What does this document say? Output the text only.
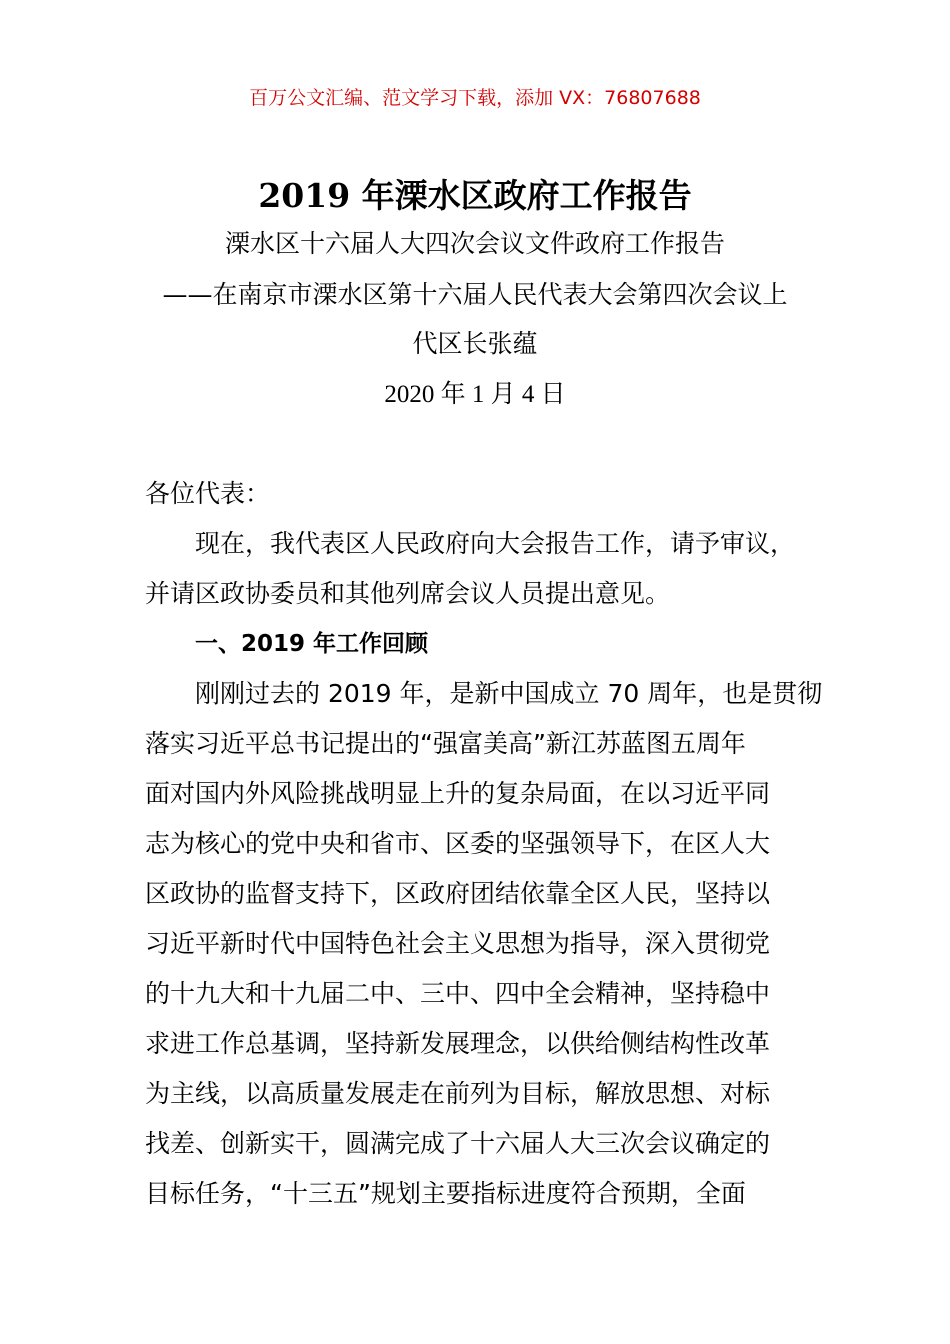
百万公文汇编、范文学习下载，添加 VX：76807688
2019 年溧水区政府工作报告
溧水区十六届人大四次会议文件政府工作报告
——在南京市溧水区第十六届人民代表大会第四次会议上
代区长张蕴
2020 年 1 月 4 日
各位代表：
现在，我代表区人民政府向大会报告工作，请予审议，
并请区政协委员和其他列席会议人员提出意见。
一、2019 年工作回顾
刚刚过去的 2019 年，是新中国成立 70 周年，也是贯彻
落实习近平总书记提出的“强富美高”新江苏蓝图五周年
面对国内外风险挑战明显上升的复杂局面，在以习近平同
志为核心的党中央和省市、区委的坚强领导下，在区人大
区政协的监督支持下，区政府团结依靠全区人民，坚持以
习近平新时代中国特色社会主义思想为指导，深入贯彻党
的十九大和十九届二中、三中、四中全会精神，坚持稳中
求进工作总基调，坚持新发展理念，以供给侧结构性改革
为主线，以高质量发展走在前列为目标，解放思想、对标
找差、创新实干，圆满完成了十六届人大三次会议确定的
目标任务，“十三五”规划主要指标进度符合预期，全面
